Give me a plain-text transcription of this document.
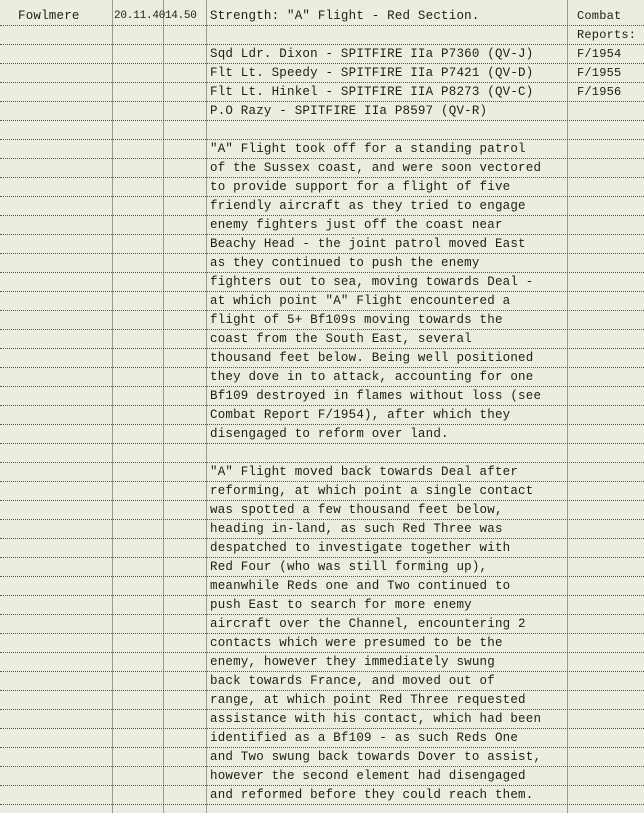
Fowlmere	20.11.40 14.50 Strength: "A" Flight - Red Section.	Combat
Reports:
Sqd Ldr. Dixon - SPITFIRE IIa P7360 (QV-J)	F/1954
Flt Lt. Speedy - SPITFIRE IIa P7421 (QV-D)	F/1955
Flt Lt. Hinkel - SPITFIRE IIA P8273 (QV-C)	F/1956
P.O Razy - SPITFIRE IIa P8597 (QV-R)
"A" Flight took off for a standing patrol
of the Sussex coast, and were soon vectored
to provide support for a flight of five
friendly aircraft as they tried to engage
enemy fighters just off the coast near
Beachy Head - the joint patrol moved East
as they continued to push the enemy
fighters out to sea, moving towards Deal -
at which point "A" Flight encountered a
flight of 5+ Bf109s moving towards the
coast from the South East, several
thousand feet below. Being well positioned
they dove in to attack, accounting for one
Bf109 destroyed in flames without loss (see
Combat Report F/1954), after which they
disengaged to reform over land.
"A" Flight moved back towards Deal after
reforming, at which point a single contact
was spotted a few thousand feet below,
heading in-land, as such Red Three was
despatched to investigate together with
Red Four (who was still forming up),
meanwhile Reds one and Two continued to
push East to search for more enemy
aircraft over the Channel, encountering 2
contacts which were presumed to be the
enemy, however they immediately swung
back towards France, and moved out of
range, at which point Red Three requested
assistance with his contact, which had been
identified as a Bf109 - as such Reds One
and Two swung back towards Dover to assist,
however the second element had disengaged
and reformed before they could reach them.
